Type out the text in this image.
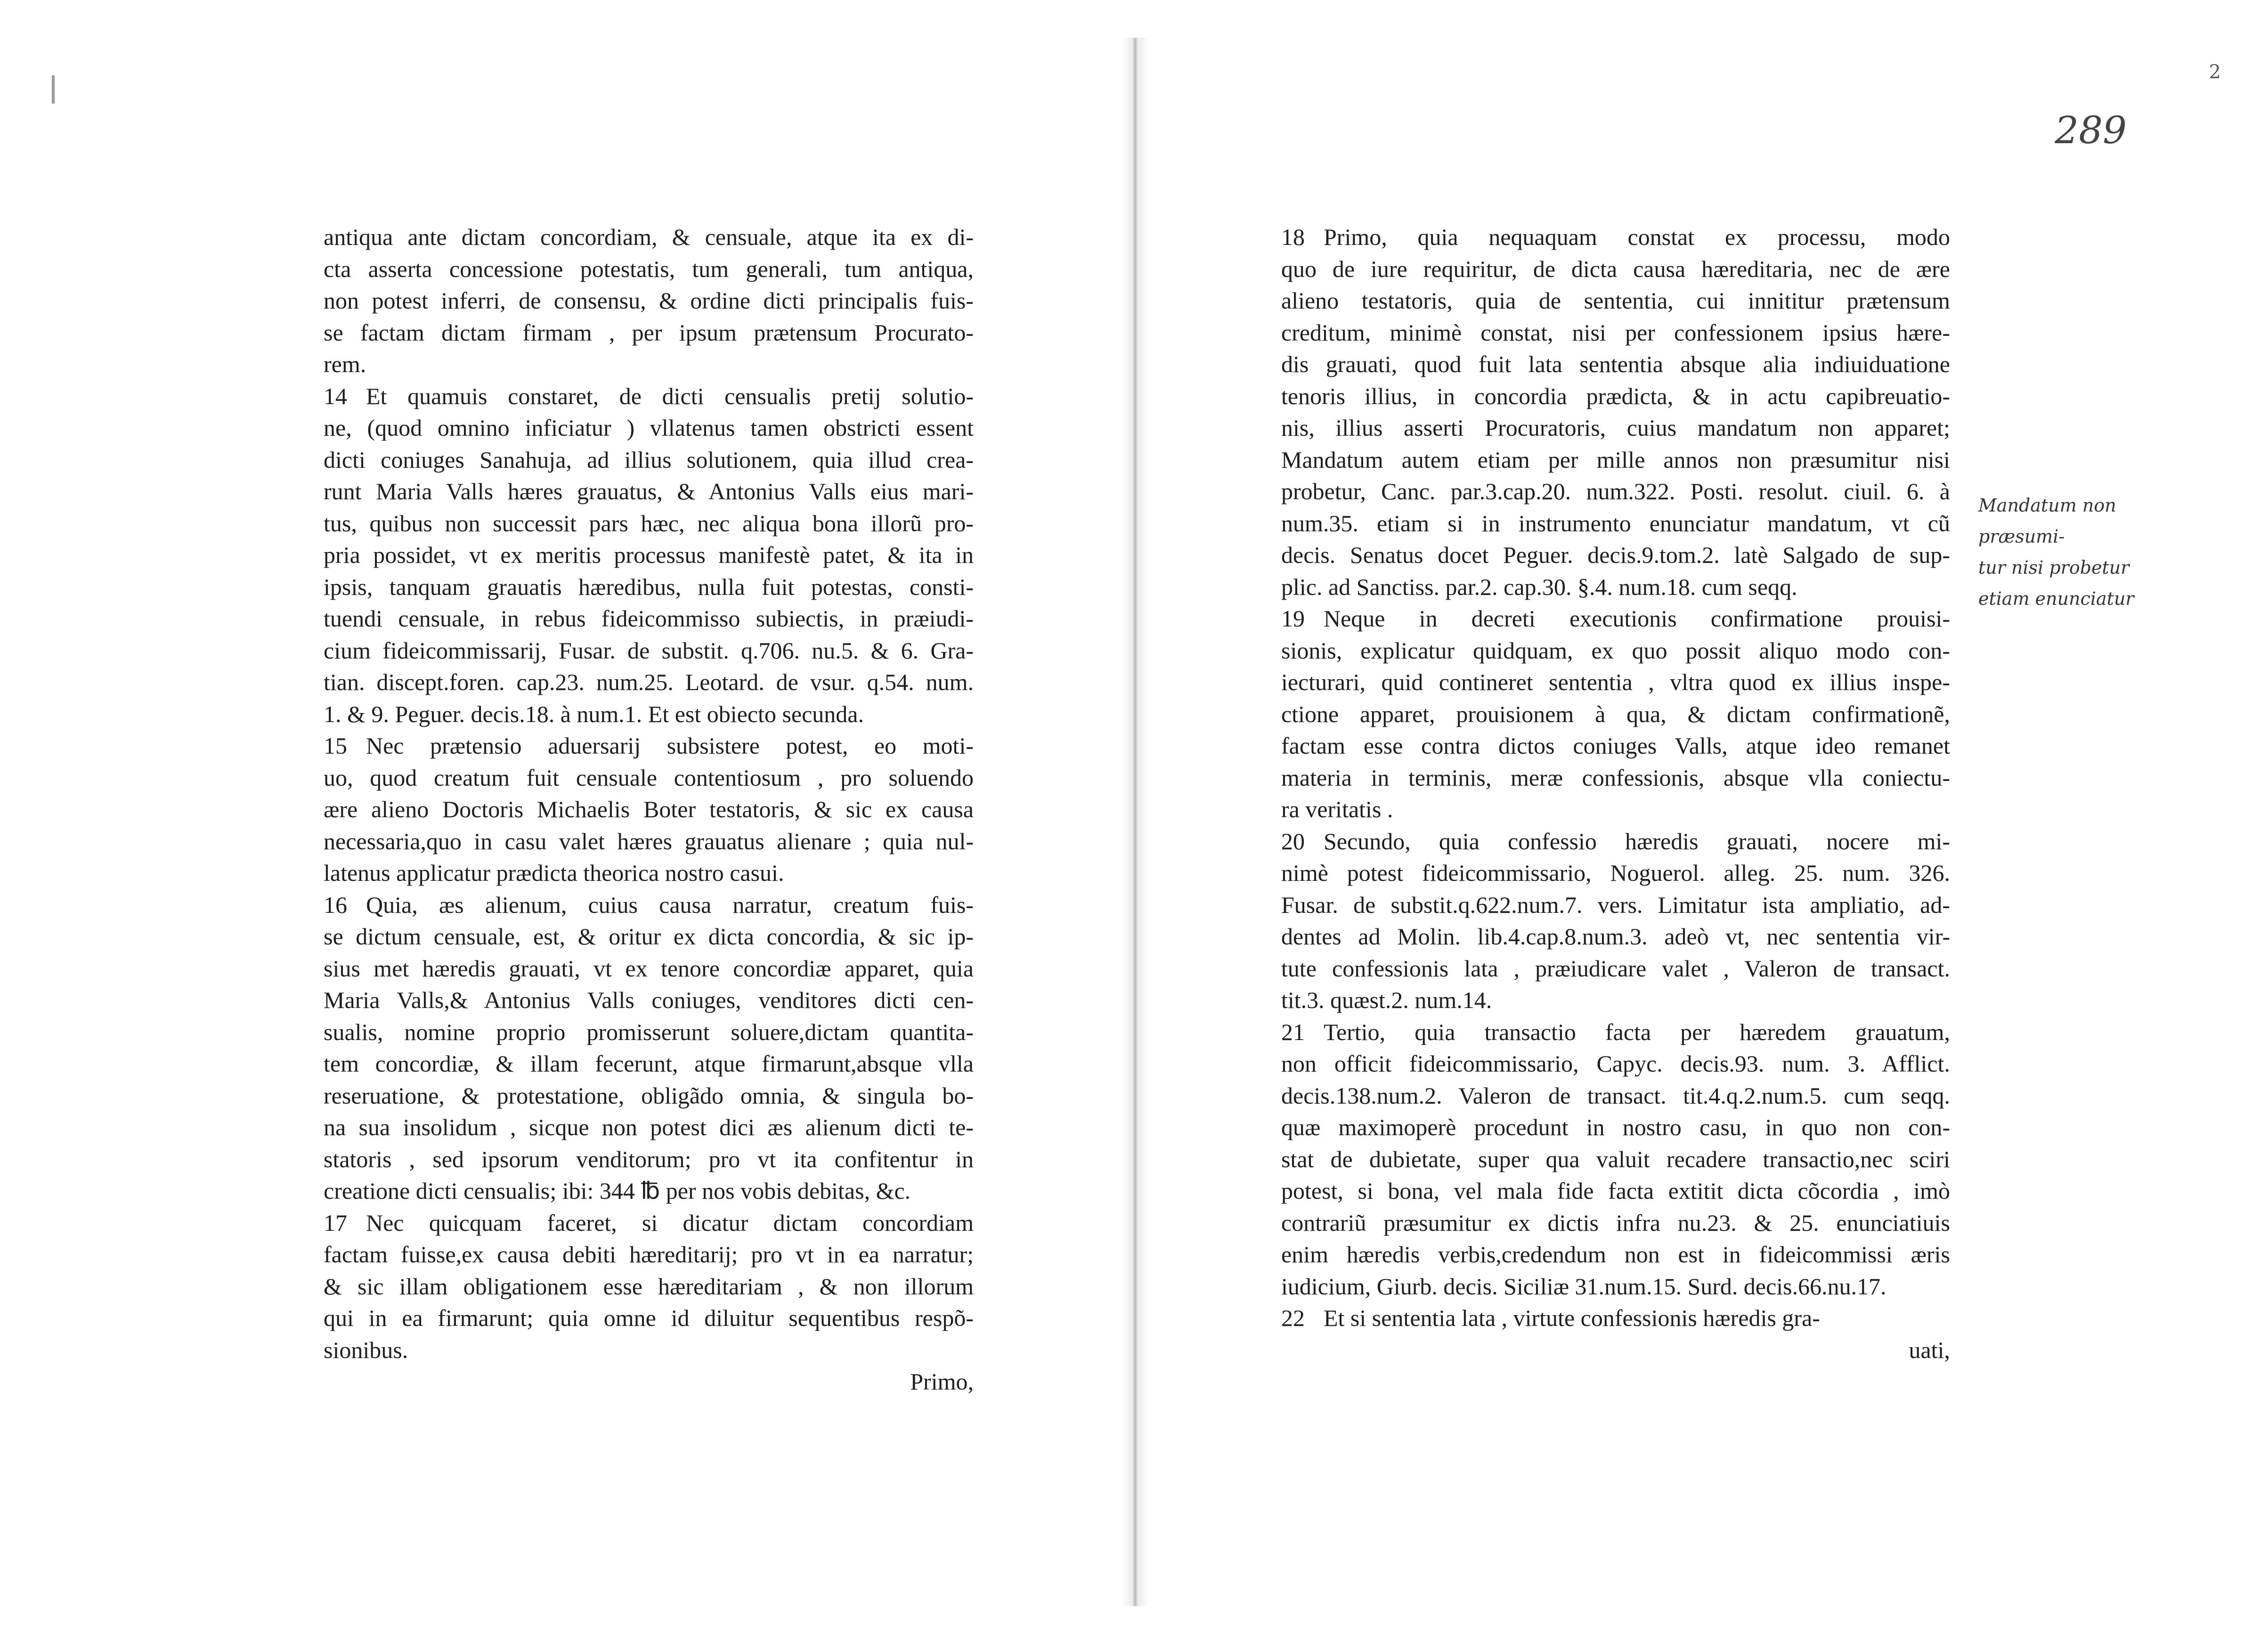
antiqua ante dictam concordiam, & censuale, atque ita ex di-
cta asserta concessione potestatis, tum generali, tum antiqua,
non potest inferri, de consensu, & ordine dicti principalis fuis-
se factam dictam firmam , per ipsum prætensum Procurato-
rem.
14 Et quamuis constaret, de dicti censualis pretij solutio-
ne, (quod omnino inficiatur ) vllatenus tamen obstricti essent
dicti coniuges Sanahuja, ad illius solutionem, quia illud crea-
runt Maria Valls hæres grauatus, & Antonius Valls eius mari-
tus, quibus non successit pars hæc, nec aliqua bona illorũ pro-
pria possidet, vt ex meritis processus manifestè patet, & ita in
ipsis, tanquam grauatis hæredibus, nulla fuit potestas, consti-
tuendi censuale, in rebus fideicommisso subiectis, in præiudi-
cium fideicommissarij, Fusar. de substit. q.706. nu.5. & 6. Gra-
tian. discept.foren. cap.23. num.25. Leotard. de vsur. q.54. num.
1. & 9. Peguer. decis.18. à num.1. Et est obiecto secunda.
15 Nec prætensio aduersarij subsistere potest, eo moti-
uo, quod creatum fuit censuale contentiosum , pro soluendo
ære alieno Doctoris Michaelis Boter testatoris, & sic ex causa
necessaria,quo in casu valet hæres grauatus alienare ; quia nul-
latenus applicatur prædicta theorica nostro casui.
16 Quia, æs alienum, cuius causa narratur, creatum fuis-
se dictum censuale, est, & oritur ex dicta concordia, & sic ip-
sius met hæredis grauati, vt ex tenore concordiæ apparet, quia
Maria Valls,& Antonius Valls coniuges, venditores dicti cen-
sualis, nomine proprio promisserunt soluere,dictam quantita-
tem concordiæ, & illam fecerunt, atque firmarunt,absque vlla
reseruatione, & protestatione, obligãdo omnia, & singula bo-
na sua insolidum , sicque non potest dici æs alienum dicti te-
statoris , sed ipsorum venditorum; pro vt ita confitentur in
creatione dicti censualis; ibi: 344 ℔ per nos vobis debitas, &c.
17 Nec quicquam faceret, si dicatur dictam concordiam
factam fuisse,ex causa debiti hæreditarij; pro vt in ea narratur;
& sic illam obligationem esse hæreditariam , & non illorum
qui in ea firmarunt; quia omne id diluitur sequentibus respõ-
sionibus.
Primo,
2
289
18 Primo, quia nequaquam constat ex processu, modo
quo de iure requiritur, de dicta causa hæreditaria, nec de ære
alieno testatoris, quia de sententia, cui innititur prætensum
creditum, minimè constat, nisi per confessionem ipsius hære-
dis grauati, quod fuit lata sententia absque alia indiuiduatione
tenoris illius, in concordia prædicta, & in actu capibreuatio-
nis, illius asserti Procuratoris, cuius mandatum non apparet;
Mandatum autem etiam per mille annos non præsumitur nisi
probetur, Canc. par.3.cap.20. num.322. Posti. resolut. ciuil. 6. à
num.35. etiam si in instrumento enunciatur mandatum, vt cũ
decis. Senatus docet Peguer. decis.9.tom.2. latè Salgado de sup-
plic. ad Sanctiss. par.2. cap.30. §.4. num.18. cum seqq.
19 Neque in decreti executionis confirmatione prouisi-
sionis, explicatur quidquam, ex quo possit aliquo modo con-
iecturari, quid contineret sententia , vltra quod ex illius inspe-
ctione apparet, prouisionem à qua, & dictam confirmationẽ,
factam esse contra dictos coniuges Valls, atque ideo remanet
materia in terminis, meræ confessionis, absque vlla coniectu-
ra veritatis .
20 Secundo, quia confessio hæredis grauati, nocere mi-
nimè potest fideicommissario, Noguerol. alleg. 25. num. 326.
Fusar. de substit.q.622.num.7. vers. Limitatur ista ampliatio, ad-
dentes ad Molin. lib.4.cap.8.num.3. adeò vt, nec sententia vir-
tute confessionis lata , præiudicare valet , Valeron de transact.
tit.3. quæst.2. num.14.
21 Tertio, quia transactio facta per hæredem grauatum,
non officit fideicommissario, Capyc. decis.93. num. 3. Afflict.
decis.138.num.2. Valeron de transact. tit.4.q.2.num.5. cum seqq.
quæ maximoperè procedunt in nostro casu, in quo non con-
stat de dubietate, super qua valuit recadere transactio,nec sciri
potest, si bona, vel mala fide facta extitit dicta cõcordia , imò
contrariũ præsumitur ex dictis infra nu.23. & 25. enunciatiuis
enim hæredis verbis,credendum non est in fideicommissi æris
iudicium, Giurb. decis. Siciliæ 31.num.15. Surd. decis.66.nu.17.
22 Et si sententia lata , virtute confessionis hæredis gra-
uati,
Mandatum non præsumi-
tur nisi probetur
etiam enunciatur
